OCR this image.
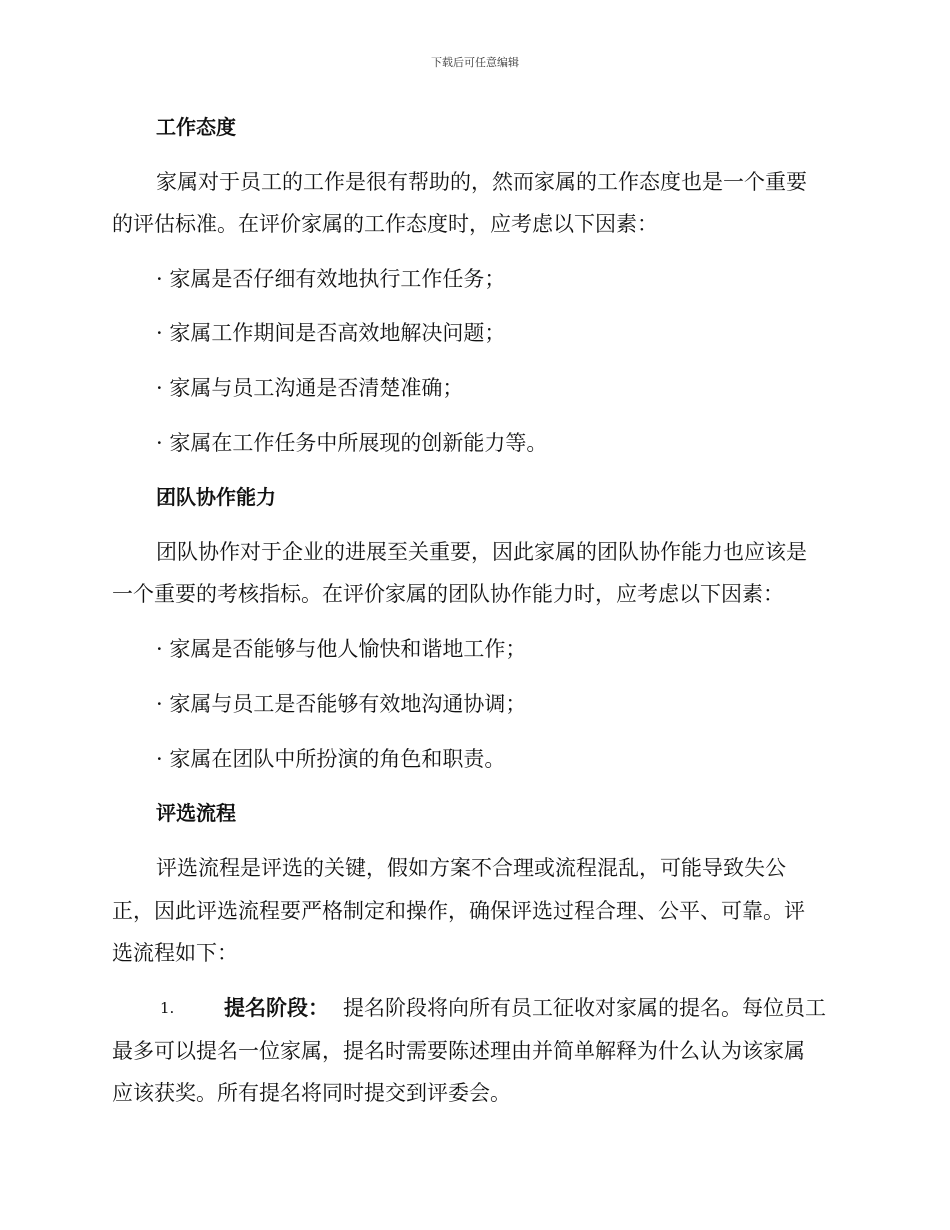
下载后可任意编辑
工作态度
家属对于员工的工作是很有帮助的，然而家属的工作态度也是一个重要
的评估标准。在评价家属的工作态度时，应考虑以下因素：
· 家属是否仔细有效地执行工作任务；
· 家属工作期间是否高效地解决问题；
· 家属与员工沟通是否清楚准确；
· 家属在工作任务中所展现的创新能力等。
团队协作能力
团队协作对于企业的进展至关重要，因此家属的团队协作能力也应该是
一个重要的考核指标。在评价家属的团队协作能力时，应考虑以下因素：
· 家属是否能够与他人愉快和谐地工作；
· 家属与员工是否能够有效地沟通协调；
· 家属在团队中所扮演的角色和职责。
评选流程
评选流程是评选的关键，假如方案不合理或流程混乱，可能导致失公
正，因此评选流程要严格制定和操作，确保评选过程合理、公平、可靠。评
选流程如下：
1. 提名阶段： 提名阶段将向所有员工征收对家属的提名。每位员工
最多可以提名一位家属，提名时需要陈述理由并简单解释为什么认为该家属
应该获奖。所有提名将同时提交到评委会。
